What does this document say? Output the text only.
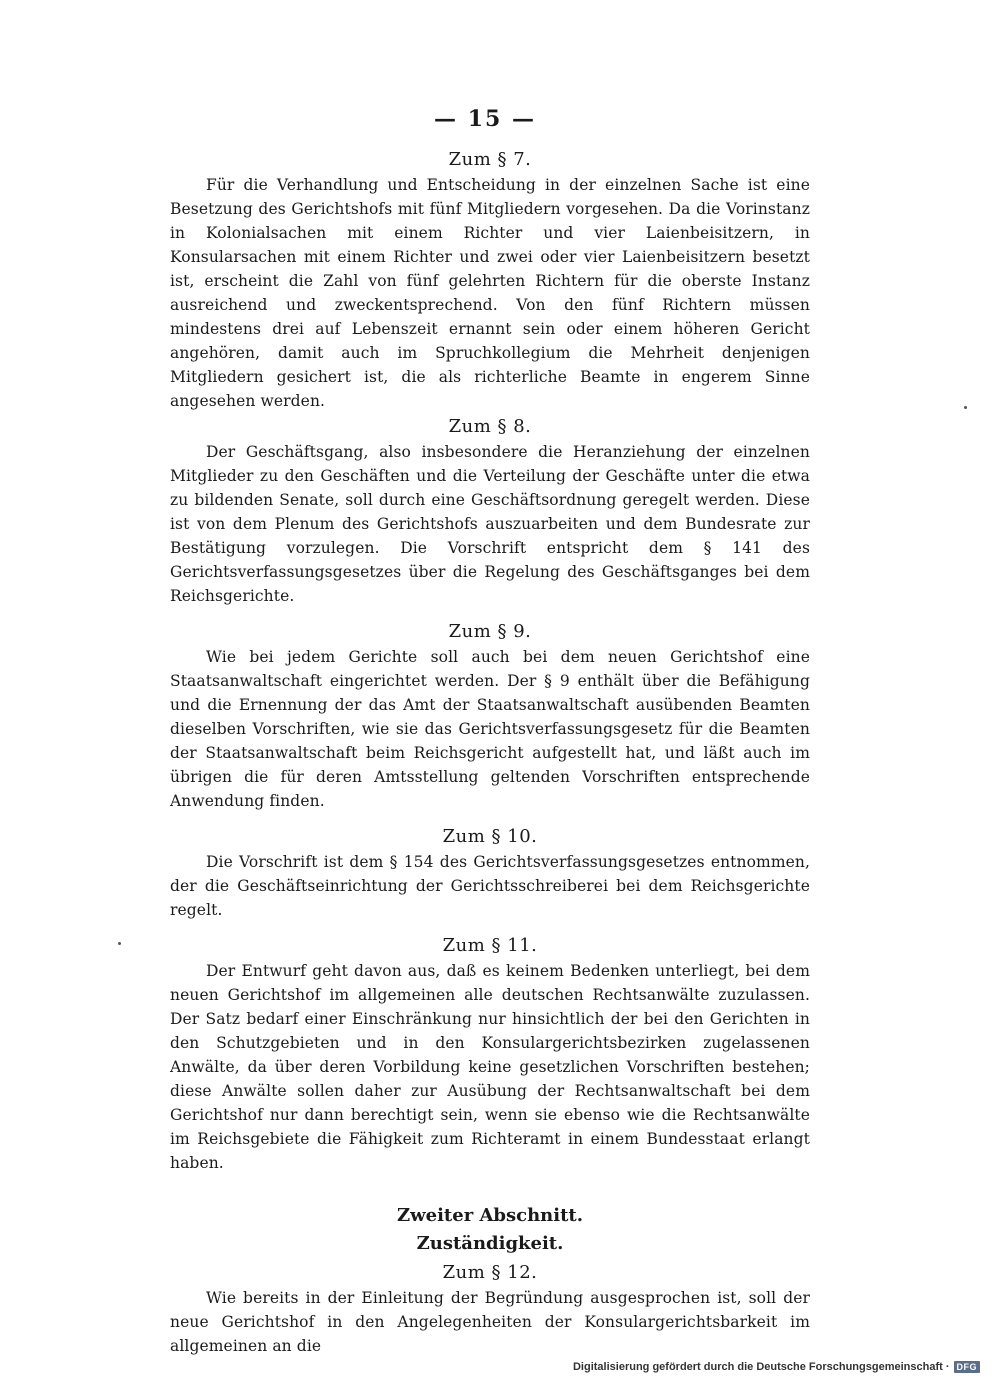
— 15 —
Zum § 7.

Für die Verhandlung und Entscheidung in der einzelnen Sache ist eine Besetzung des Gerichtshofs mit fünf Mitgliedern vorgesehen. Da die Vorinstanz in Kolonialsachen mit einem Richter und vier Laienbeisitzern, in Konsularsachen mit einem Richter und zwei oder vier Laienbeisitzern besetzt ist, erscheint die Zahl von fünf gelehrten Richtern für die oberste Instanz ausreichend und zweckentsprechend. Von den fünf Richtern müssen mindestens drei auf Lebenszeit ernannt sein oder einem höheren Gericht angehören, damit auch im Spruchkollegium die Mehrheit denjenigen Mitgliedern gesichert ist, die als richterliche Beamte in engerem Sinne angesehen werden.

Zum § 8.

Der Geschäftsgang, also insbesondere die Heranziehung der einzelnen Mitglieder zu den Geschäften und die Verteilung der Geschäfte unter die etwa zu bildenden Senate, soll durch eine Geschäftsordnung geregelt werden. Diese ist von dem Plenum des Gerichtshofs auszuarbeiten und dem Bundesrate zur Bestätigung vorzulegen. Die Vorschrift entspricht dem § 141 des Gerichtsverfassungsgesetzes über die Regelung des Geschäftsganges bei dem Reichsgerichte.

Zum § 9.

Wie bei jedem Gerichte soll auch bei dem neuen Gerichtshof eine Staatsanwaltschaft eingerichtet werden. Der § 9 enthält über die Befähigung und die Ernennung der das Amt der Staatsanwaltschaft ausübenden Beamten dieselben Vorschriften, wie sie das Gerichtsverfassungsgesetz für die Beamten der Staatsanwaltschaft beim Reichsgericht aufgestellt hat, und läßt auch im übrigen die für deren Amtsstellung geltenden Vorschriften entsprechende Anwendung finden.

Zum § 10.

Die Vorschrift ist dem § 154 des Gerichtsverfassungsgesetzes entnommen, der die Geschäftseinrichtung der Gerichtsschreiberei bei dem Reichsgerichte regelt.

Zum § 11.

Der Entwurf geht davon aus, daß es keinem Bedenken unterliegt, bei dem neuen Gerichtshof im allgemeinen alle deutschen Rechtsanwälte zuzulassen. Der Satz bedarf einer Einschränkung nur hinsichtlich der bei den Gerichten in den Schutzgebieten und in den Konsulargerichtsbezirken zugelassenen Anwälte, da über deren Vorbildung keine gesetzlichen Vorschriften bestehen; diese Anwälte sollen daher zur Ausübung der Rechtsanwaltschaft bei dem Gerichtshof nur dann berechtigt sein, wenn sie ebenso wie die Rechtsanwälte im Reichsgebiete die Fähigkeit zum Richteramt in einem Bundesstaat erlangt haben.

Zweiter Abschnitt.
Zuständigkeit.
Zum § 12.

Wie bereits in der Einleitung der Begründung ausgesprochen ist, soll der neue Gerichtshof in den Angelegenheiten der Konsulargerichtsbarkeit im allgemeinen an die

Digitalisierung gefördert durch die Deutsche Forschungsgemeinschaft · DFG
